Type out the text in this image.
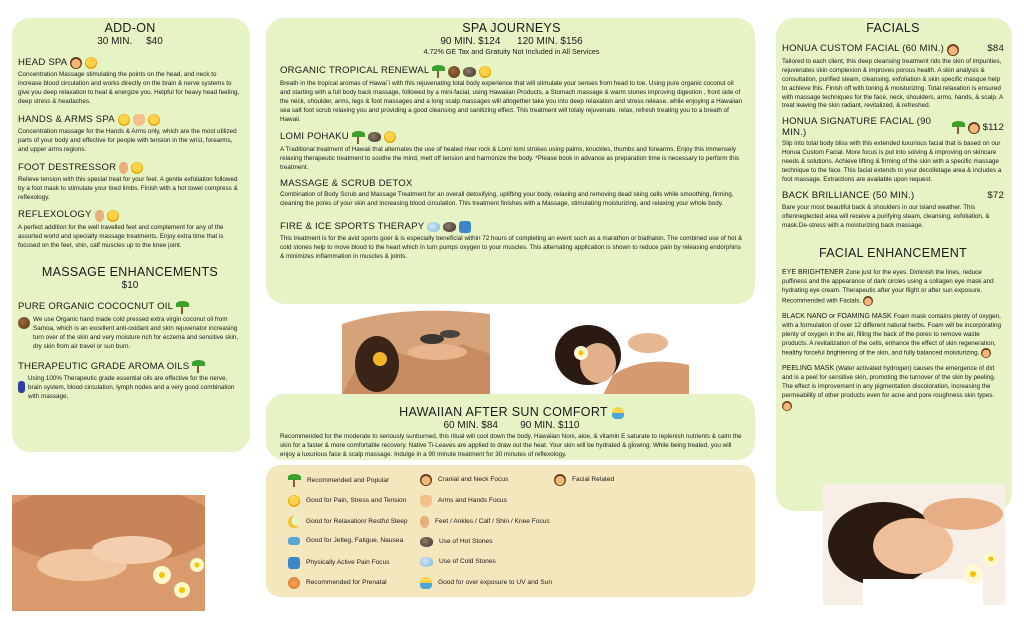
ADD-ON

30 MIN.     $40

HEAD SPA

Concentration Massage stimulating the points on the head, and neck to increase blood circulation and works directly on the brain & nerve systems to give you deep relaxation to heal & energize you. Helpful for heavy head feeling, deep stress & headaches.

HANDS & ARMS SPA

Concentration massage for the Hands & Arms only, which are the most utilized parts of your body and effective for people with tension in the wrist, forearms, and upper arms regions.

FOOT DESTRESSOR

Relieve tension with this special treat for your feet. A gentle exfoliation followed by a foot mask to stimulate your tired limbs. Finish with a hot towel compress & reflexology.

REFLEXOLOGY

A perfect addition for the well travelled feet and complement for any of the assorted world and specialty massage treatments. Enjoy extra time that is focused on the feet, shin, calf muscles up to the knee joint.

MASSAGE ENHANCEMENTS

$10

PURE ORGANIC COCOCNUT OIL

We use Organic hand made cold pressed extra virgin coconut oil from Samoa, which is an excellent anti-oxidant and skin rejuvenator increasing turn over of the skin and very moisture rich for eczema and sensitive skin, dry skin from air travel or sun burn.

THERAPEUTIC GRADE AROMA OILS

Using 100% Therapeutic grade essential oils are effective for the nerve, brain system, blood circulation, lymph nodes and a very good combination with massage,

SPA JOURNEYS

90 MIN. $124      120 MIN. $156

4.72% GE Tax and Gratuity Not Included in All Services

ORGANIC TROPICAL RENEWAL

Breath in the tropical aromas of Hawai`i with this rejuvenating total body experience that will stimulate your senses from head to toe. Using pure organic coconut oil and starting with a full body back massage, followed by a mini-facial, using Hawaiian Products, a Stomach massage & warm stones improving digestion , front side of the neck, shoulder, arms, legs & foot massages and a long scalp massages will altogether take you into deep relaxation and stress release. while enjoying a Hawaiian sea salt foot scrub relaxing you and providing a good cleansing and sanitizing effect. This treatment will totaly rejuvenate, relax, refresh treating you to a breath of Hawaii.

LOMI POHAKU

A Traditional treatment of Hawaii that alternates the use of heated river rock & Lomi lomi strokes using palms, knuckles, thumbs and forearms. Enjoy this immensely relaxing therapeutic treatment to soothe the mind, melt off tension and harmonize the body. *Please book in advance as preparation time is necessary to perform this treatment.

MASSAGE & SCRUB DETOX

Combination of Body Scrub and Massage Treatment for an overall detoxifying, uplifting your body, relaxing and removing dead sking cells while smoothing, firming, cleaning the pores of your skin and increasing blood circulation. This treatment finishes with a Massage, stimulating moisturizing, and relaxing your whole body.

FIRE & ICE SPORTS THERAPY

This treatment is for the avid sports goer & is especially beneficial within 72 hours of completing an event such as a marathon or biathalon. The combined use of hot & cold stones help to move blood to the heart which in turn pumps oxygen to your muscles. This alternating application is shown to reduce pain by releasing endorphins & minimizes inflammation in muscles & joints.

HAWAIIAN AFTER SUN COMFORT

60 MIN. $84        90 MIN. $110

Recommended for the moderate to seriously sunburned, this ritual will cool down the body. Hawaiian Noni, aloe, & vitamin E saturate to replenish nutrients & calm the skin for a faster & more comfortable recovery. Native Ti-Leaves are applied to draw out the heat. Your skin will be hydrated & glowing. While being treated, you will enjoy a luxurious face & scalp massage. Indulge in a 90 minute treatment for 30 minutes of reflexology.

Recommended and Popular
Good for Pain, Stress and Tension
Good for Relaxation/ Restful Sleep
Good for Jetleg, Fatigue, Nausea
Physically Active Pain Focus
Recommended for Prenatal
Cranial and Neck Focus
Arms and Hands Focus
Feet / Ankles / Calf / Shin / Knee Focus
Use of Hot Stones
Use of Cold Stones
Good for over exposure to UV and Sun
Facial Related
FACIALS
HONUA CUSTOM FACIAL (60 MIN.)	$84

Tailored to each client, this deep cleansing treatment rids the skin of impurities, rejuvenates skin complexion & improves porous health. A skin analysis & consultation, purified steam, cleansing, exfoliation & skin specific masque help to achieve this. Finish off with toning & moisturizing. Total relaxation is ensured with massage techniques for the face, neck, shoulders, arms, hands, & scalp. A treat leaving the skin radiant, revitalized, & refreshed.

HONUA SIGNATURE FACIAL (90 MIN.)	$112

Slip into total body bliss with this extended luxurious facial that is based on our Honua Custom Facial. More focus is put into solving & improving on skincare needs & solutions. Achieve lifting & firming of the skin with a specific massage technique to the face. This facial extends to your decolletage area & includes a foot massage. Extractions are available upon request.

BACK BRILLIANCE (50 MIN.)	$72

Bare your most beautiful back & shoulders in our island weather. This oftenneglected area will receive a purifying steam, cleansing, exfoliation, & mask.De-stress with a moisturizing back massage.

FACIAL ENHANCEMENT

EYE BRIGHTENER Zone just for the eyes. Diminish the lines, reduce puffiness and the appearance of dark circles using a collagen eye mask and hydrating eye cream. Therapeutic after your flight or after sun exposure. Recommended with Facials.

BLACK NANO or FOAMING MASK Foam mask contains plenty of oxygen, with a formulation of over 12 different natural herbs. Foam will be incorporating plenty of oxygen in the air, filling the back of the pores to remove waste products. A revitalization of the cells, enhance the effect of skin regeneration, healthy forceful brightening of the skin, and fully balanced moisturizing.

PEELING MASK (Water activated hydrogen) causes the emergence of dirt and is a peel for sensitive skin, promoting the turnover of the skin by peeling. The effect is improvement in any pigmentation discoloration, increasing the permeability of other products even for acne and pore roughness skin types.
